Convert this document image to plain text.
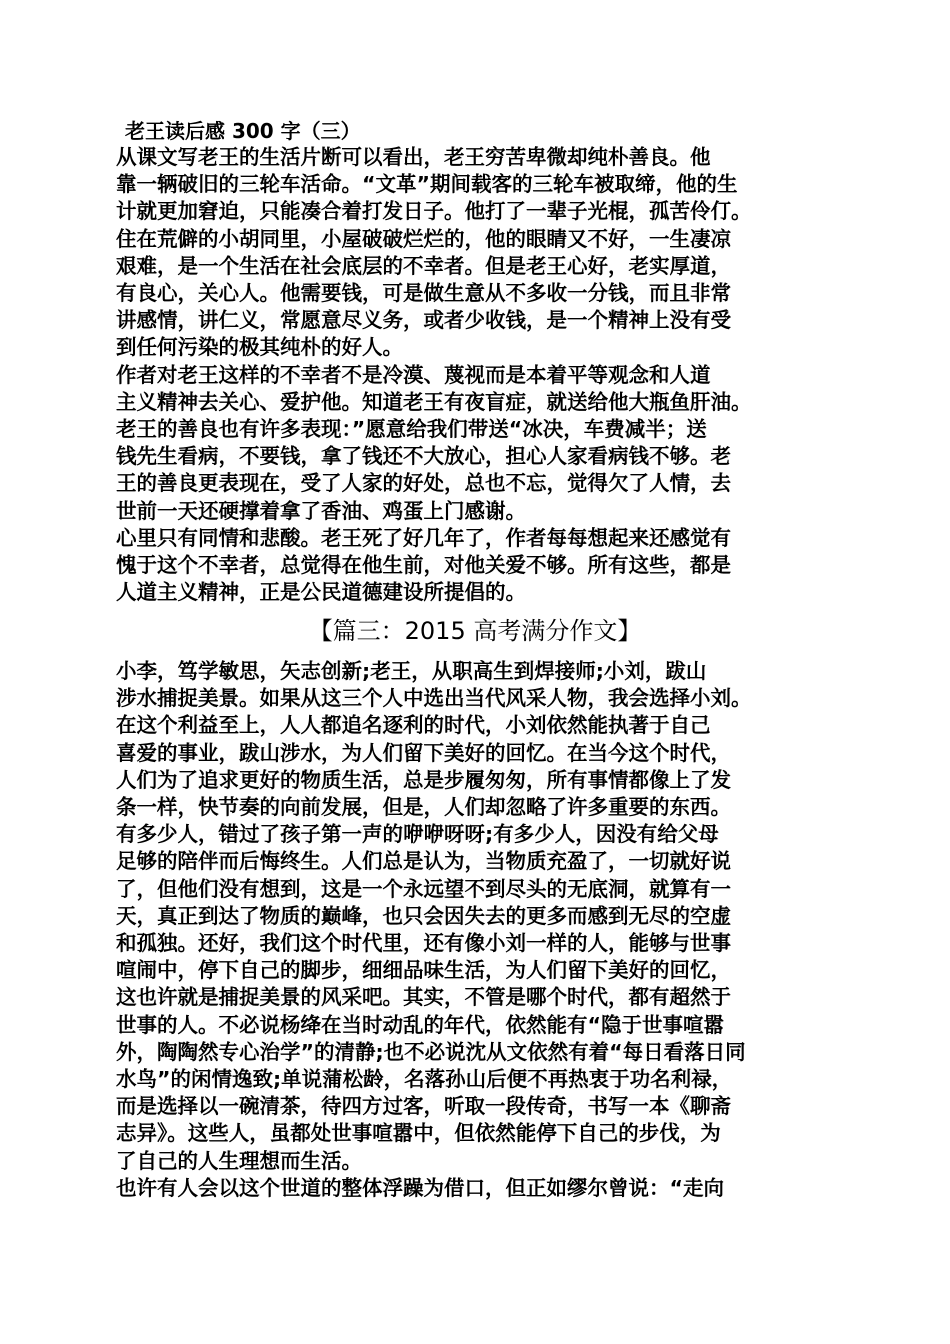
老王读后感 300 字（三）
从课文写老王的生活片断可以看出，老王穷苦卑微却纯朴善良。他
靠一辆破旧的三轮车活命。“文革”期间载客的三轮车被取缔，他的生
计就更加窘迫，只能凑合着打发日子。他打了一辈子光棍，孤苦伶仃。
住在荒僻的小胡同里，小屋破破烂烂的，他的眼睛又不好，一生凄凉
艰难，是一个生活在社会底层的不幸者。但是老王心好，老实厚道，
有良心，关心人。他需要钱，可是做生意从不多收一分钱，而且非常
讲感情，讲仁义，常愿意尽义务，或者少收钱，是一个精神上没有受
到任何污染的极其纯朴的好人。
作者对老王这样的不幸者不是冷漠、蔑视而是本着平等观念和人道
主义精神去关心、爱护他。知道老王有夜盲症，就送给他大瓶鱼肝油。
老王的善良也有许多表现：”愿意给我们带送“冰决，车费减半；送
钱先生看病，不要钱，拿了钱还不大放心，担心人家看病钱不够。老
王的善良更表现在，受了人家的好处，总也不忘，觉得欠了人情，去
世前一天还硬撑着拿了香油、鸡蛋上门感谢。
心里只有同情和悲酸。老王死了好几年了，作者每每想起来还感觉有
愧于这个不幸者，总觉得在他生前，对他关爱不够。所有这些，都是
人道主义精神，正是公民道德建设所提倡的。
【篇三：2015 高考满分作文】
小李，笃学敏思，矢志创新;老王，从职高生到焊接师;小刘，跋山
涉水捕捉美景。如果从这三个人中选出当代风采人物，我会选择小刘。
在这个利益至上，人人都追名逐利的时代，小刘依然能执著于自己
喜爱的事业，跋山涉水，为人们留下美好的回忆。在当今这个时代，
人们为了追求更好的物质生活，总是步履匆匆，所有事情都像上了发
条一样，快节奏的向前发展，但是，人们却忽略了许多重要的东西。
有多少人，错过了孩子第一声的咿咿呀呀;有多少人，因没有给父母
足够的陪伴而后悔终生。人们总是认为，当物质充盈了，一切就好说
了，但他们没有想到，这是一个永远望不到尽头的无底洞，就算有一
天，真正到达了物质的巅峰，也只会因失去的更多而感到无尽的空虚
和孤独。还好，我们这个时代里，还有像小刘一样的人，能够与世事
喧闹中，停下自己的脚步，细细品味生活，为人们留下美好的回忆，
这也许就是捕捉美景的风采吧。其实，不管是哪个时代，都有超然于
世事的人。不必说杨绛在当时动乱的年代，依然能有“隐于世事喧嚣
外，陶陶然专心治学”的清静;也不必说沈从文依然有着“每日看落日同
水鸟”的闲情逸致;单说蒲松龄，名落孙山后便不再热衷于功名利禄，
而是选择以一碗清茶，待四方过客，听取一段传奇，书写一本《聊斋
志异》。这些人，虽都处世事喧嚣中，但依然能停下自己的步伐，为
了自己的人生理想而生活。
也许有人会以这个世道的整体浮躁为借口，但正如缪尔曾说：“走向
